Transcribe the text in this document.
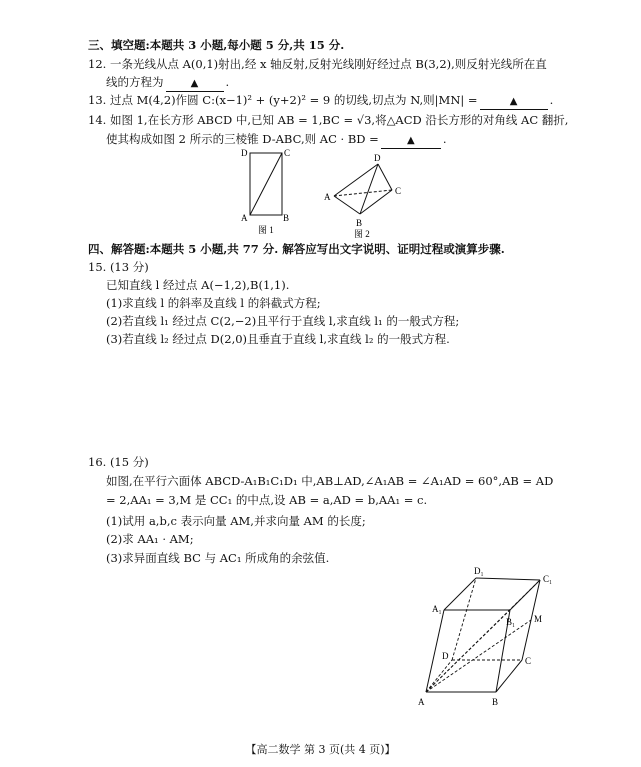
三、填空题:本题共 3 小题,每小题 5 分,共 15 分.
12. 一条光线从点 A(0,1)射出,经 x 轴反射,反射光线刚好经过点 B(3,2),则反射光线所在直
线的方程为	▲ .
13. 过点 M(4,2)作圆 C:(x−1)² + (y+2)² = 9 的切线,切点为 N,则|MN| =	▲	.
14. 如图 1,在长方形 ABCD 中,已知 AB = 1,BC = √3,将△ACD 沿长方形的对角线 AC 翻折,
使其构成如图 2 所示的三棱锥 D-ABC,则 AC · BD =	▲ .
D	C
A	B
图 1
D
A
C
B
图 2
四、解答题:本题共 5 小题,共 77 分. 解答应写出文字说明、证明过程或演算步骤.
15. (13 分)
已知直线 l 经过点 A(−1,2),B(1,1).
(1)求直线 l 的斜率及直线 l 的斜截式方程;
(2)若直线 l₁ 经过点 C(2,−2)且平行于直线 l,求直线 l₁ 的一般式方程;
(3)若直线 l₂ 经过点 D(2,0)且垂直于直线 l,求直线 l₂ 的一般式方程.
16. (15 分)
如图,在平行六面体 ABCD-A₁B₁C₁D₁ 中,AB⊥AD,∠A₁AB = ∠A₁AD = 60°,AB = AD
= 2,AA₁ = 3,M 是 CC₁ 的中点,设 AB = a,AD = b,AA₁ = c.
(1)试用 a,b,c 表示向量 AM,并求向量 AM 的长度;
(2)求 AA₁ · AM;
(3)求异面直线 BC 与 AC₁ 所成角的余弦值.
A	B
C
D
A₁
B₁
C₁
D₁
M
【高二数学 第 3 页(共 4 页)】
